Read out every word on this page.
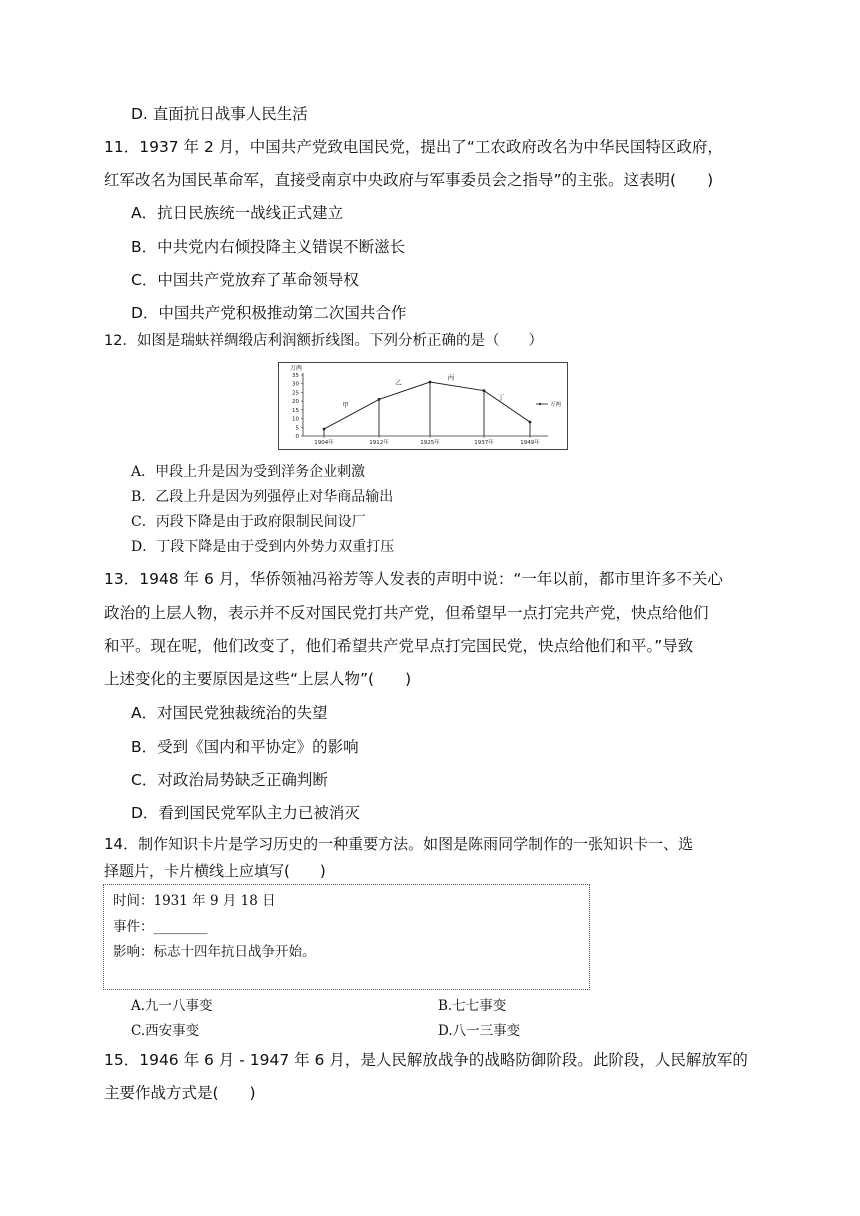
D. 直面抗日战事人民生活
11．1937 年 2 月，中国共产党致电国民党，提出了“工农政府改名为中华民国特区政府，
红军改名为国民革命军，直接受南京中央政府与军事委员会之指导”的主张。这表明(　　)
A．抗日民族统一战线正式建立
B．中共党内右倾投降主义错误不断滋长
C．中国共产党放弃了革命领导权
D．中国共产党积极推动第二次国共合作
12．如图是瑞蚨祥绸缎店利润额折线图。下列分析正确的是（　　）
万两
0
5
10
15
20
25
30
35
1904年	1912年	1925年	1937年	1949年
甲
乙
丙
丁
万两
A．甲段上升是因为受到洋务企业刺激
B．乙段上升是因为列强停止对华商品输出
C．丙段下降是由于政府限制民间设厂
D．丁段下降是由于受到内外势力双重打压
13．1948 年 6 月，华侨领袖冯裕芳等人发表的声明中说：“一年以前，都市里许多不关心
政治的上层人物，表示并不反对国民党打共产党，但希望早一点打完共产党，快点给他们
和平。现在呢，他们改变了，他们希望共产党早点打完国民党，快点给他们和平。”导致
上述变化的主要原因是这些“上层人物”(　　)
A．对国民党独裁统治的失望
B．受到《国内和平协定》的影响
C．对政治局势缺乏正确判断
D．看到国民党军队主力已被消灭
14．制作知识卡片是学习历史的一种重要方法。如图是陈雨同学制作的一张知识卡一、选
择题片，卡片横线上应填写(　　)
时间：1931 年 9 月 18 日
事件：________
影响：标志十四年抗日战争开始。
A.九一八事变	B.七七事变
C.西安事变	D.八一三事变
15．1946 年 6 月 - 1947 年 6 月，是人民解放战争的战略防御阶段。此阶段，人民解放军的
主要作战方式是(　　)
